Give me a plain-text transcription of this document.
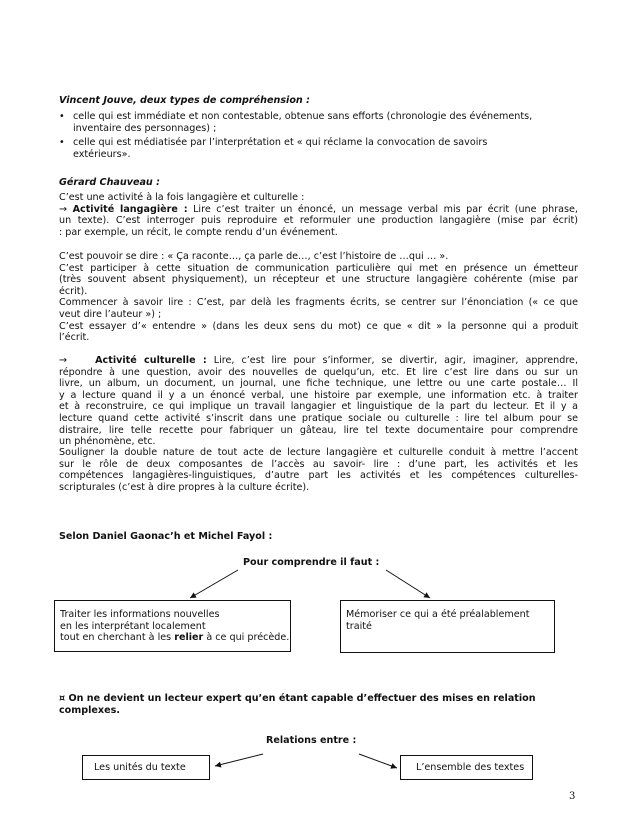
Vincent Jouve, deux types de compréhension :
• celle qui est immédiate et non contestable, obtenue sans efforts (chronologie des événements,
inventaire des personnages) ;
• celle qui est médiatisée par l’interprétation et « qui réclame la convocation de savoirs
extérieurs».
Gérard Chauveau :

C’est une activité à la fois langagière et culturelle :

→ Activité langagière : Lire c’est traiter un énoncé, un message verbal mis par écrit (une phrase,

un texte). C’est interroger puis reproduire et reformuler une production langagière (mise par écrit)

: par exemple, un récit, le compte rendu d’un événement.

C’est pouvoir se dire : « Ça raconte…, ça parle de…, c’est l’histoire de …qui … ».

C’est participer à cette situation de communication particulière qui met en présence un émetteur

(très souvent absent physiquement), un récepteur et une structure langagière cohérente (mise par

écrit).

Commencer à savoir lire : C’est, par delà les fragments écrits, se centrer sur l’énonciation (« ce que

veut dire l’auteur ») ;

C’est essayer d’« entendre » (dans les deux sens du mot) ce que « dit » la personne qui a produit

l’écrit.

→	Activité culturelle : Lire, c’est lire pour s’informer, se divertir, agir, imaginer, apprendre,

répondre à une question, avoir des nouvelles de quelqu’un, etc. Et lire c’est lire dans ou sur un

livre, un album, un document, un journal, une fiche technique, une lettre ou une carte postale… Il

y a lecture quand il y a un énoncé verbal, une histoire par exemple, une information etc. à traiter

et à reconstruire, ce qui implique un travail langagier et linguistique de la part du lecteur. Et il y a

lecture quand cette activité s’inscrit dans une pratique sociale ou culturelle : lire tel album pour se

distraire, lire telle recette pour fabriquer un gâteau, lire tel texte documentaire pour comprendre

un phénomène, etc.

Souligner la double nature de tout acte de lecture langagière et culturelle conduit à mettre l’accent

sur le rôle de deux composantes de l’accès au savoir- lire : d’une part, les activités et les

compétences langagières-linguistiques, d’autre part les activités et les compétences culturelles-

scripturales (c’est à dire propres à la culture écrite).

Selon Daniel Gaonac’h et Michel Fayol :
Pour comprendre il faut :
Traiter les informations nouvelles
en les interprétant localement
tout en cherchant à les relier à ce qui précède.
Mémoriser ce qui a été préalablement
traité
¤ On ne devient un lecteur expert qu’en étant capable d’effectuer des mises en relation
complexes.
Relations entre :
Les unités du texte	L’ensemble des textes
3
